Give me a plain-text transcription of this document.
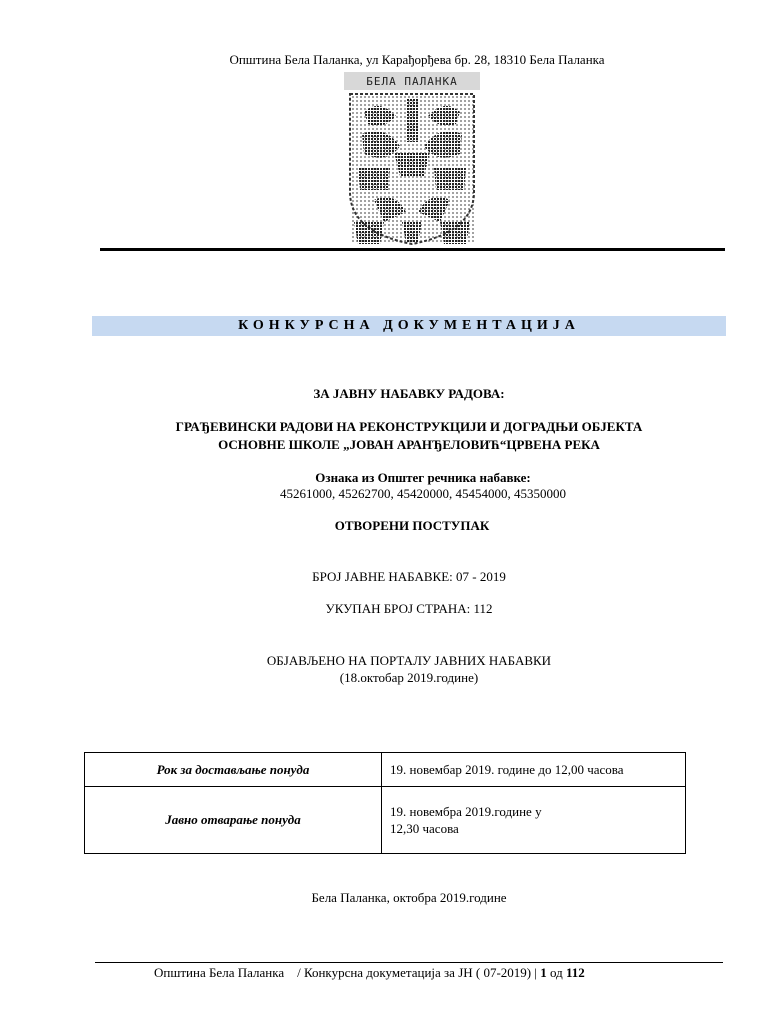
Општина Бела Паланка, ул Карађорђева бр. 28, 18310 Бела Паланка
БЕЛА ПАЛАНКА
КОНКУРСНА ДОКУМЕНТАЦИЈА
ЗА ЈАВНУ НАБАВКУ РАДОВА:
ГРАЂЕВИНСКИ РАДОВИ НА РЕКОНСТРУКЦИЈИ И ДОГРАДЊИ ОБЈЕКТА
ОСНОВНЕ ШКОЛЕ „ЈОВАН АРАНЂЕЛОВИЋ“ЦРВЕНА РЕКА
Ознака из Општег речника набавке:
45261000, 45262700, 45420000, 45454000, 45350000
ОТВОРЕНИ ПОСТУПАК
БРОЈ ЈАВНЕ НАБАВКЕ: 07 - 2019
УКУПАН БРОЈ СТРАНА: 112
ОБЈАВЉЕНО НА ПОРТАЛУ ЈАВНИХ НАБАВКИ
(18.октобар 2019.године)
Рок за достављање понуда	19. новембар 2019. године до 12,00 часова

Јавно отварање понуда	19. новембра 2019.године у
12,30 часова
Бела Паланка, октобра 2019.године
Општина Бела Паланка    / Конкурсна докуметација за ЈН ( 07-2019) | 1 од 112
